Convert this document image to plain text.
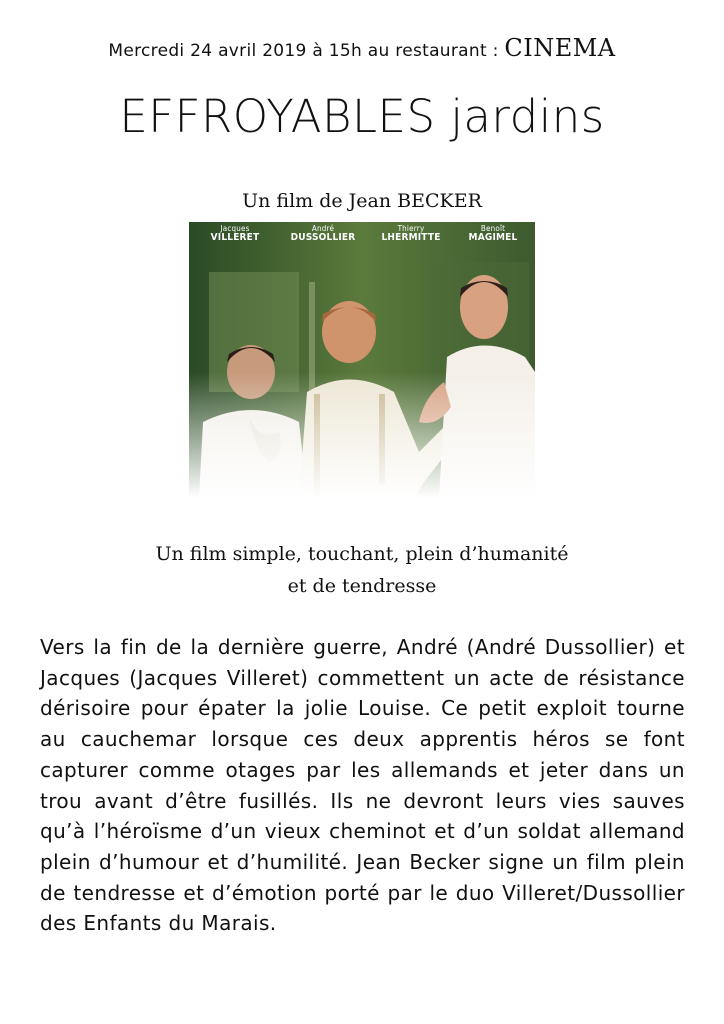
Mercredi 24 avril 2019 à 15h au restaurant : CINEMA
EFFROYABLES jardins
Un film de Jean BECKER
Jacques
VILLERET
André
DUSSOLLIER
Thierry
LHERMITTE
Benoît
MAGIMEL
Un film simple, touchant, plein d’humanité
et de tendresse

Vers la fin de la dernière guerre, André (André Dussollier) et Jacques (Jacques Villeret) commettent un acte de résistance dérisoire pour épater la jolie Louise. Ce petit exploit tourne au cauchemar lorsque ces deux apprentis héros se font capturer comme otages par les allemands et jeter dans un trou avant d’être fusillés. Ils ne devront leurs vies sauves qu’à l’héroïsme d’un vieux cheminot et d’un soldat allemand plein d’humour et d’humilité. Jean Becker signe un film plein de tendresse et d’émotion porté par le duo Villeret/Dussollier des Enfants du Marais.
